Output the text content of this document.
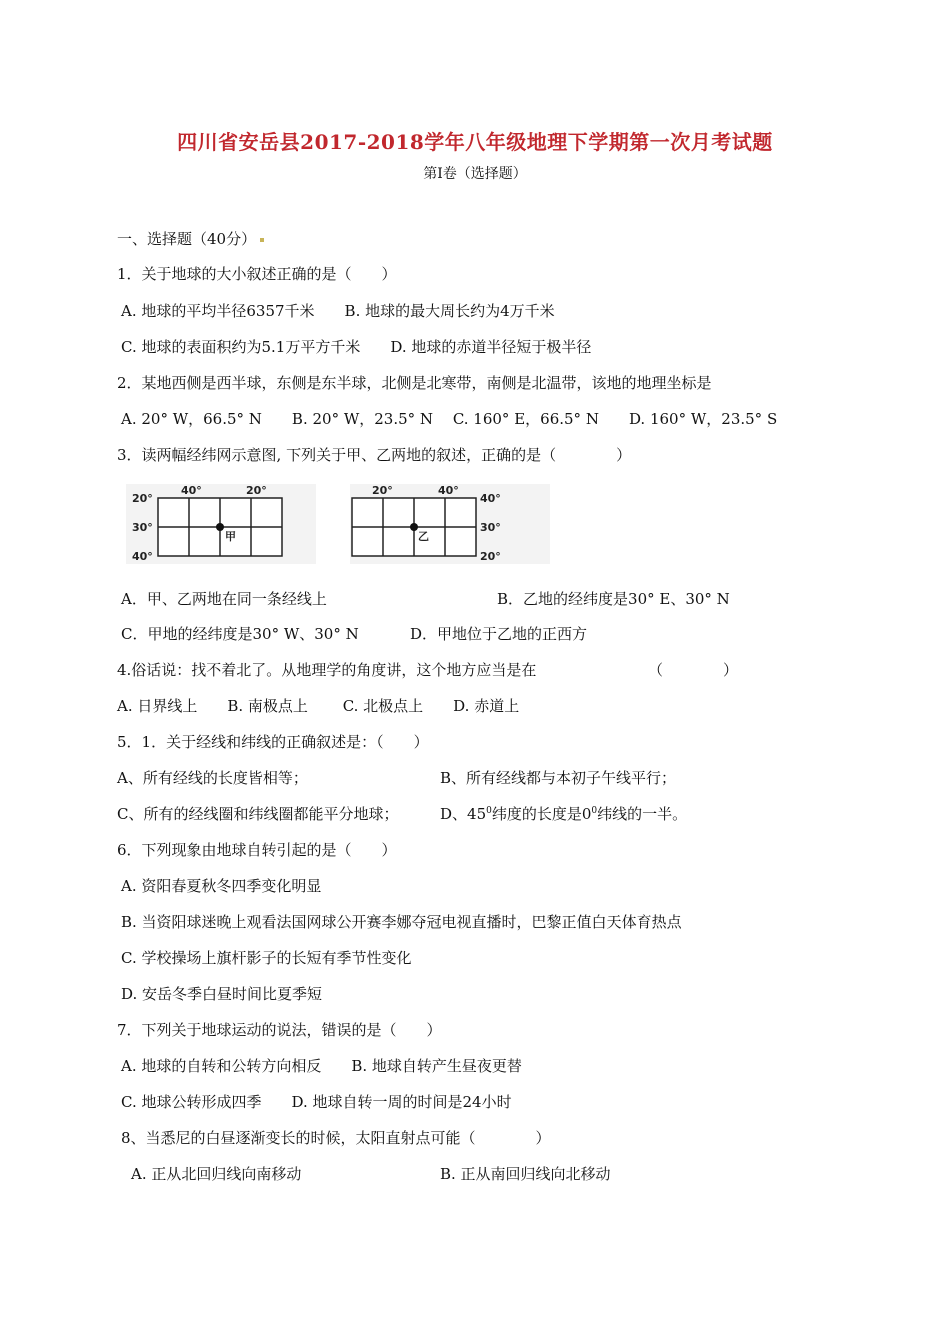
四川省安岳县2017-2018学年八年级地理下学期第一次月考试题
第I卷（选择题）
一、选择题（40分）
1．关于地球的大小叙述正确的是（　　）
A. 地球的平均半径6357千米　　B. 地球的最大周长约为4万千米
C. 地球的表面积约为5.1万平方千米　　D. 地球的赤道半径短于极半径
2．某地西侧是西半球，东侧是东半球，北侧是北寒带，南侧是北温带，该地的地理坐标是
A. 20° W，66.5° N　　B. 20° W，23.5° N　 C. 160° E，66.5° N　　D. 160° W，23.5° S
3．读两幅经纬网示意图, 下列关于甲、乙两地的叙述，正确的是（　　　　）
40°	20°
20°
30°
40°
甲
20°	40°
40°
30°
20°
乙
A．甲、乙两地在同一条经线上	B．乙地的经纬度是30° E、30° N
C．甲地的经纬度是30° W、30° N	D．甲地位于乙地的正西方
4.俗话说：找不着北了。从地理学的角度讲，这个地方应当是在	（　　　　）
A. 日界线上　　B. 南极点上　　 C. 北极点上　　D. 赤道上
5．1．关于经线和纬线的正确叙述是：（　　）
A、所有经线的长度皆相等；	B、所有经线都与本初子午线平行；
C、所有的经线圈和纬线圈都能平分地球；	D、$45^0$纬度的长度是$0^0$纬线的一半。
6．下列现象由地球自转引起的是（　　）
A. 资阳春夏秋冬四季变化明显
B. 当资阳球迷晚上观看法国网球公开赛李娜夺冠电视直播时，巴黎正值白天体育热点
C. 学校操场上旗杆影子的长短有季节性变化
D. 安岳冬季白昼时间比夏季短
7．下列关于地球运动的说法，错误的是（　　）
A. 地球的自转和公转方向相反　　B. 地球自转产生昼夜更替
C. 地球公转形成四季　　D. 地球自转一周的时间是24小时
8、当悉尼的白昼逐渐变长的时候，太阳直射点可能（　　　　）
A. 正从北回归线向南移动	B. 正从南回归线向北移动
